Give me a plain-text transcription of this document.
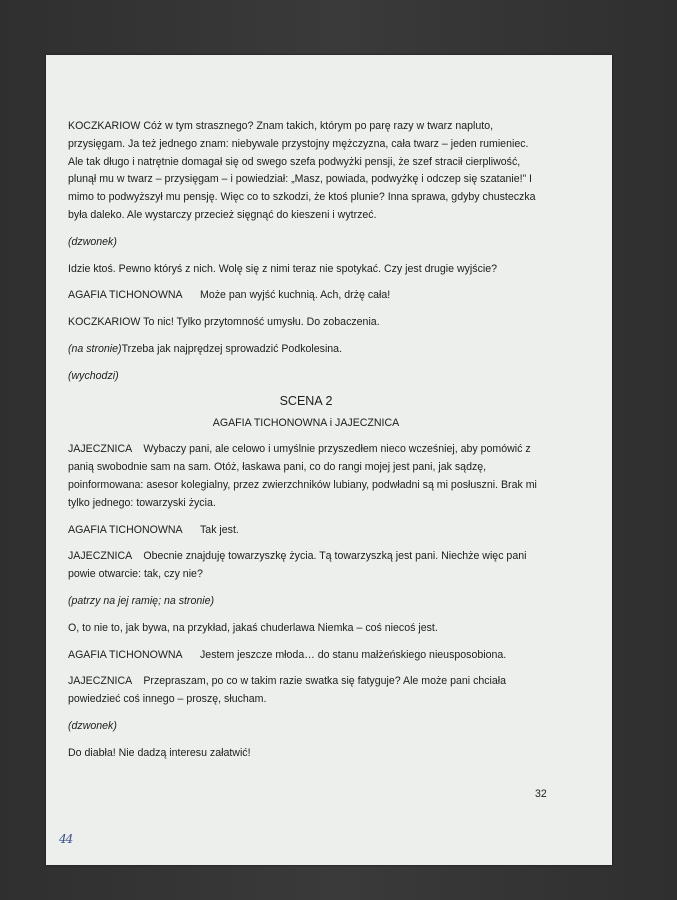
KOCZKARIOW Cóż w tym strasznego? Znam takich, którym po parę razy w twarz napluto, przysięgam. Ja też jednego znam: niebywale przystojny mężczyzna, cała twarz – jeden rumieniec. Ale tak długo i natrętnie domagał się od swego szefa podwyżki pensji, że szef stracił cierpliwość, plunął mu w twarz – przysięgam – i powiedział: „Masz, powiada, podwyżkę i odczep się szatanie!” I mimo to podwyższył mu pensję. Więc co to szkodzi, że ktoś plunie? Inna sprawa, gdyby chusteczka była daleko. Ale wystarczy przecież sięgnąć do kieszeni i wytrzeć.

(dzwonek)

Idzie ktoś. Pewno któryś z nich. Wolę się z nimi teraz nie spotykać. Czy jest drugie wyjście?

AGAFIA TICHONOWNA Może pan wyjść kuchnią. Ach, drżę cała!

KOCZKARIOW To nic! Tylko przytomność umysłu. Do zobaczenia.

(na stronie)Trzeba jak najprędzej sprowadzić Podkolesina.

(wychodzi)

SCENA 2

AGAFIA TICHONOWNA i JAJECZNICA

JAJECZNICA    Wybaczy pani, ale celowo i umyślnie przyszedłem nieco wcześniej, aby pomówić z panią swobodnie sam na sam. Otóż, łaskawa pani, co do rangi mojej jest pani, jak sądzę, poinformowana: asesor kolegialny, przez zwierzchników lubiany, podwładni są mi posłuszni. Brak mi tylko jednego: towarzyski życia.

AGAFIA TICHONOWNA Tak jest.

JAJECZNICA    Obecnie znajduję towarzyszkę życia. Tą towarzyszką jest pani. Niechże więc pani powie otwarcie: tak, czy nie?

(patrzy na jej ramię; na stronie)

O, to nie to, jak bywa, na przykład, jakaś chuderlawa Niemka – coś niecoś jest.

AGAFIA TICHONOWNA Jestem jeszcze młoda… do stanu małżeńskiego nieusposobiona.

JAJECZNICA    Przepraszam, po co w takim razie swatka się fatyguje? Ale może pani chciała powiedzieć coś innego – proszę, słucham.

(dzwonek)

Do diabła! Nie dadzą interesu załatwić!

32
44
